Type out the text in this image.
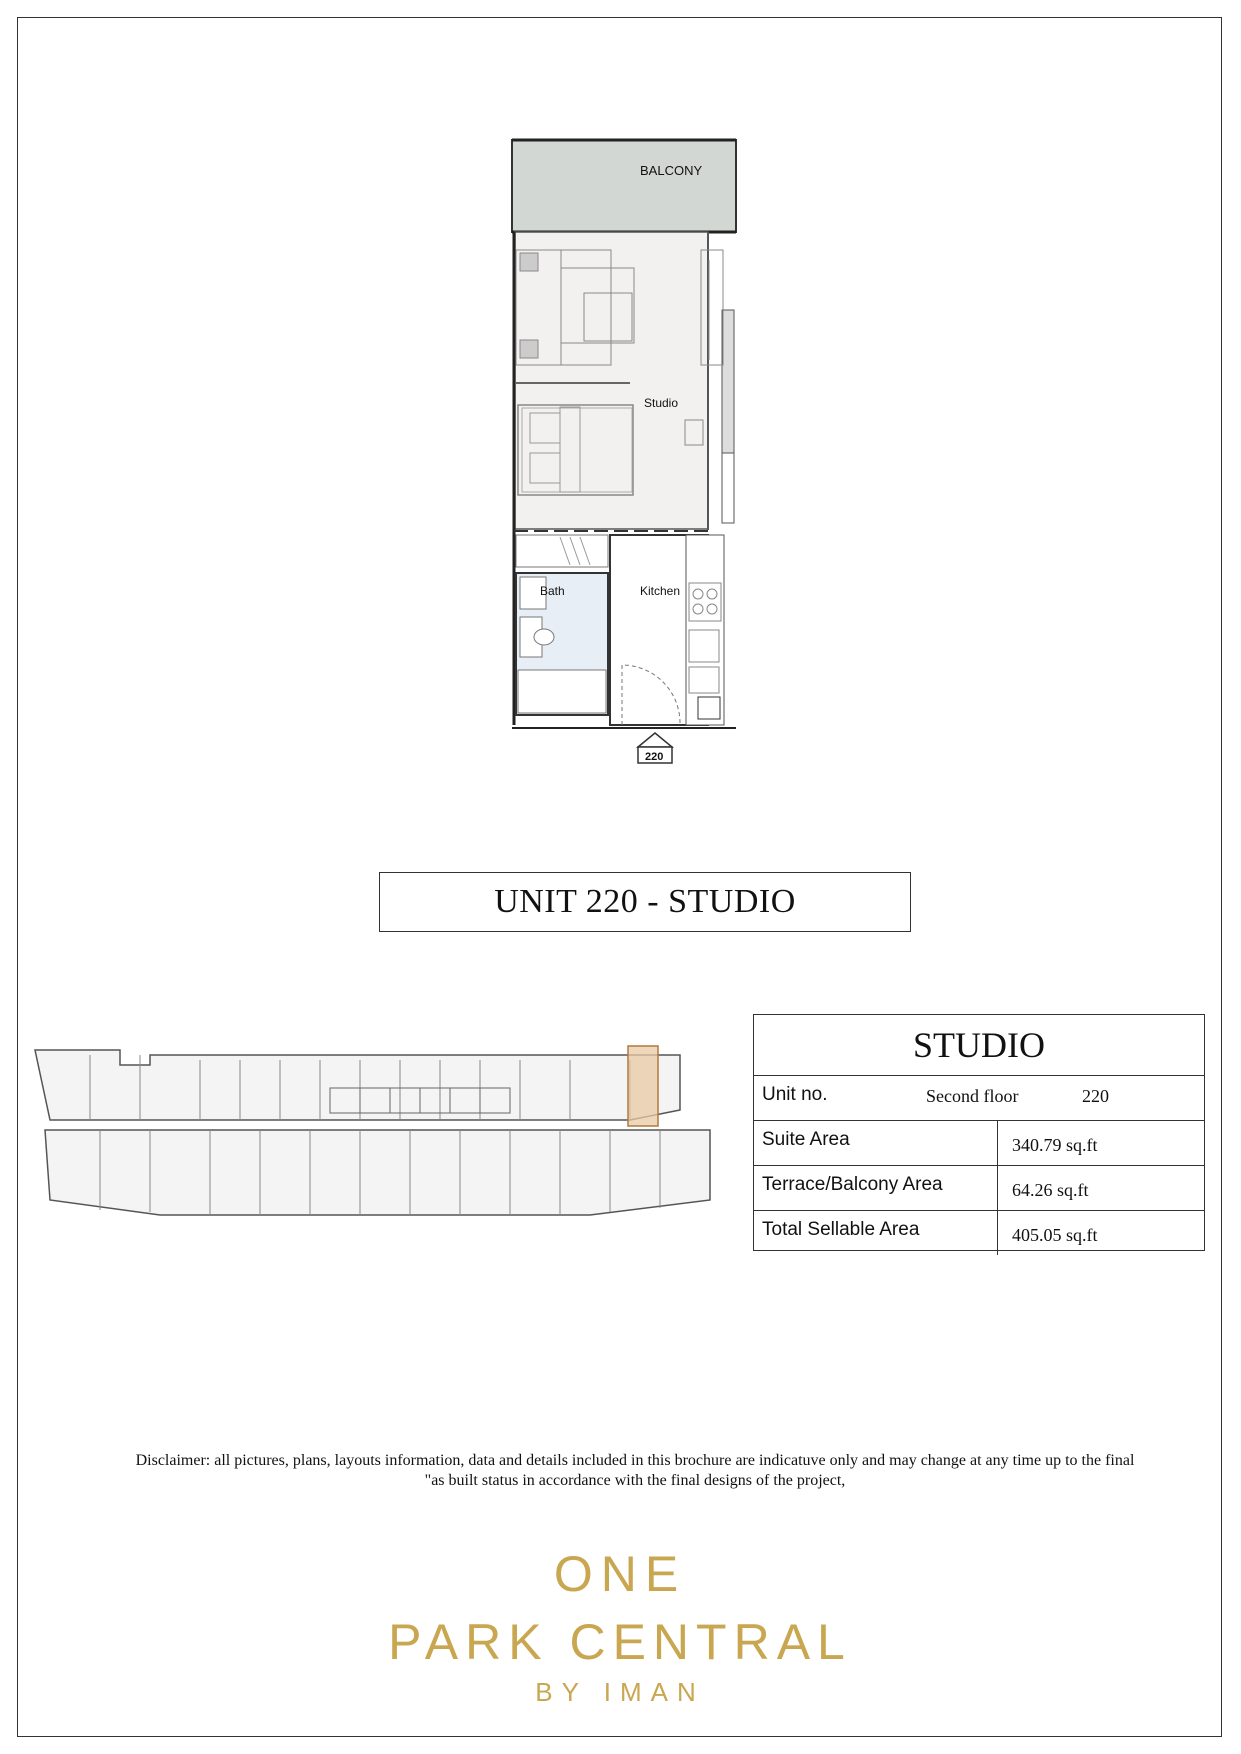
BALCONY
Studio
Bath	Kitchen
220
UNIT 220 - STUDIO
STUDIO
Unit no.	Second floor	220
Suite Area	340.79 sq.ft
Terrace/Balcony Area	64.26 sq.ft
Total Sellable Area	405.05 sq.ft
Disclaimer: all pictures, plans, layouts information, data and details included in this brochure are indicatuve only and may change at any time up to the final
"as built status in accordance with the final designs of the project,
ONE
PARK CENTRAL
BY IMAN
